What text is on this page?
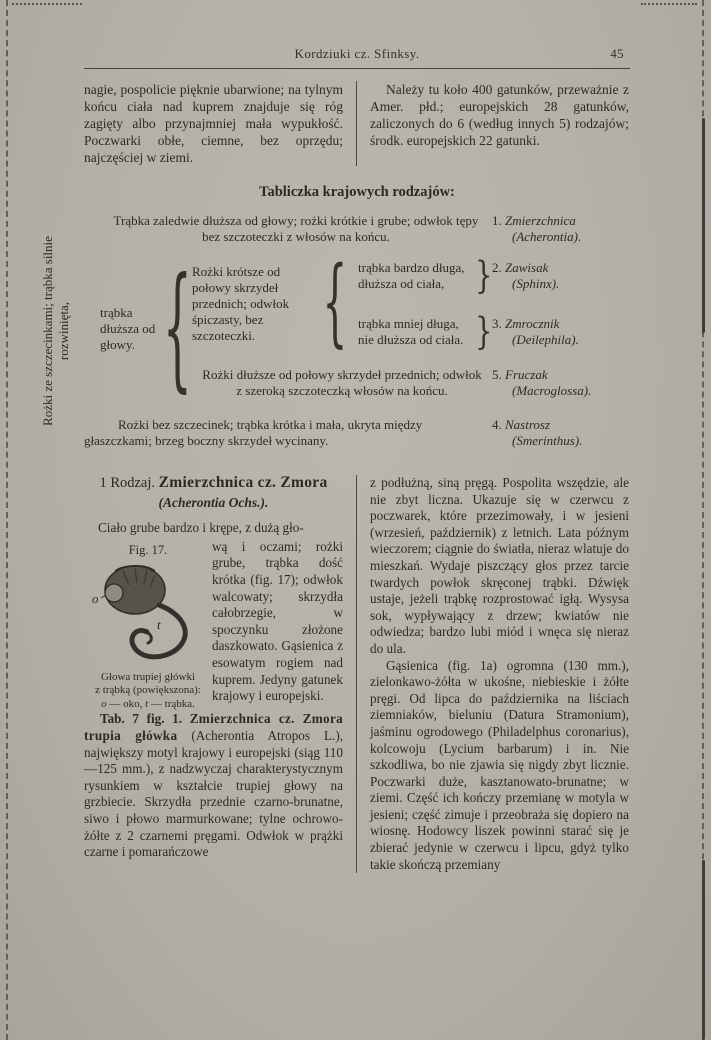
Kordziuki cz. Sfinksy.	45

nagie, pospolicie pięknie ubarwione; na tylnym końcu ciała nad kuprem znajduje się róg zagięty albo przynajmniej mała wypukłość. Poczwarki obłe, ciemne, bez oprzędu; najczęściej w ziemi.

Należy tu koło 400 gatunków, przeważnie z Amer. płd.; europejskich 28 gatunków, zaliczonych do 6 (według innych 5) rodzajów; środk. europejskich 22 gatunki.

Tabliczka krajowych rodzajów:
Rożki ze szczecinkami; trąbka silnie
rozwinięta,
Trąbka zaledwie dłuższa od głowy; rożki krótkie i grube; odwłok tępy bez szczoteczki z włosów na końcu.
1. Zmierzchnica
(Acherontia).
trąbka dłuższa od głowy. { Rożki krótsze od połowy skrzydeł przednich; odwłok śpiczasty, bez szczoteczki.	{ trąbka bardzo długa, dłuższa od ciała, } 2. Zawisak
(Sphinx).
trąbka mniej długa, nie dłuższa od ciała. } 3. Zmrocznik
(Deilephila).
Rożki dłuższe od połowy skrzydeł przednich; odwłok z szeroką szczoteczką włosów na końcu.
5. Fruczak
(Macroglossa).
Rożki bez szczecinek; trąbka krótka i mała, ukryta między głaszczkami; brzeg boczny skrzydeł wycinany.
4. Nastrosz
(Smerinthus).
1 Rodzaj. Zmierzchnica cz. Zmora
(Acherontia Ochs.).

Ciało grube bardzo i krępe, z dużą gło-

Fig. 17.
o
t
Głowa trupiej główki
z trąbką (powiększona):
o — oko, t — trąbka.

wą i oczami; rożki grube, trąbka dość krótka (fig. 17); odwłok walcowaty; skrzydła całobrzegie, w spoczynku złożone daszkowato. Gąsienica z esowatym rogiem nad kuprem. Jedyny gatunek krajowy i europejski.

Tab. 7 fig. 1. Zmierzchnica cz. Zmora trupia główka (Acherontia Atropos L.), największy motyl krajowy i europejski (siąg 110—125 mm.), z nadzwyczaj charakterystycznym rysunkiem w kształcie trupiej głowy na grzbiecie. Skrzydła przednie czarno-brunatne, siwo i płowo marmurkowane; tylne ochrowo-żółte z 2 czarnemi pręgami. Odwłok w prążki czarne i pomarańczowe

z podłużną, siną pręgą. Pospolita wszędzie, ale nie zbyt liczna. Ukazuje się w czerwcu z poczwarek, które przezimowały, i w jesieni (wrzesień, październik) z letnich. Lata późnym wieczorem; ciągnie do światła, nieraz wlatuje do mieszkań. Wydaje piszczący głos przez tarcie twardych powłok skręconej trąbki. Dźwięk ustaje, jeżeli trąbkę rozprostować igłą. Wysysa sok, wypływający z drzew; kwiatów nie odwiedza; bardzo lubi miód i wnęca się nieraz do ula.

Gąsienica (fig. 1a) ogromna (130 mm.), zielonkawo-żółta w ukośne, niebieskie i żółte pręgi. Od lipca do października na liściach ziemniaków, bieluniu (Datura Stramonium), jaśminu ogrodowego (Philadelphus coronarius), kolcowoju (Lycium barbarum) i in. Nie szkodliwa, bo nie zjawia się nigdy zbyt licznie. Poczwarki duże, kasztanowato-brunatne; w ziemi. Część ich kończy przemianę w motyla w jesieni; część zimuje i przeobraża się dopiero na wiosnę. Hodowcy liszek powinni starać się je zbierać jedynie w czerwcu i lipcu, gdyż tylko takie skończą przemiany
